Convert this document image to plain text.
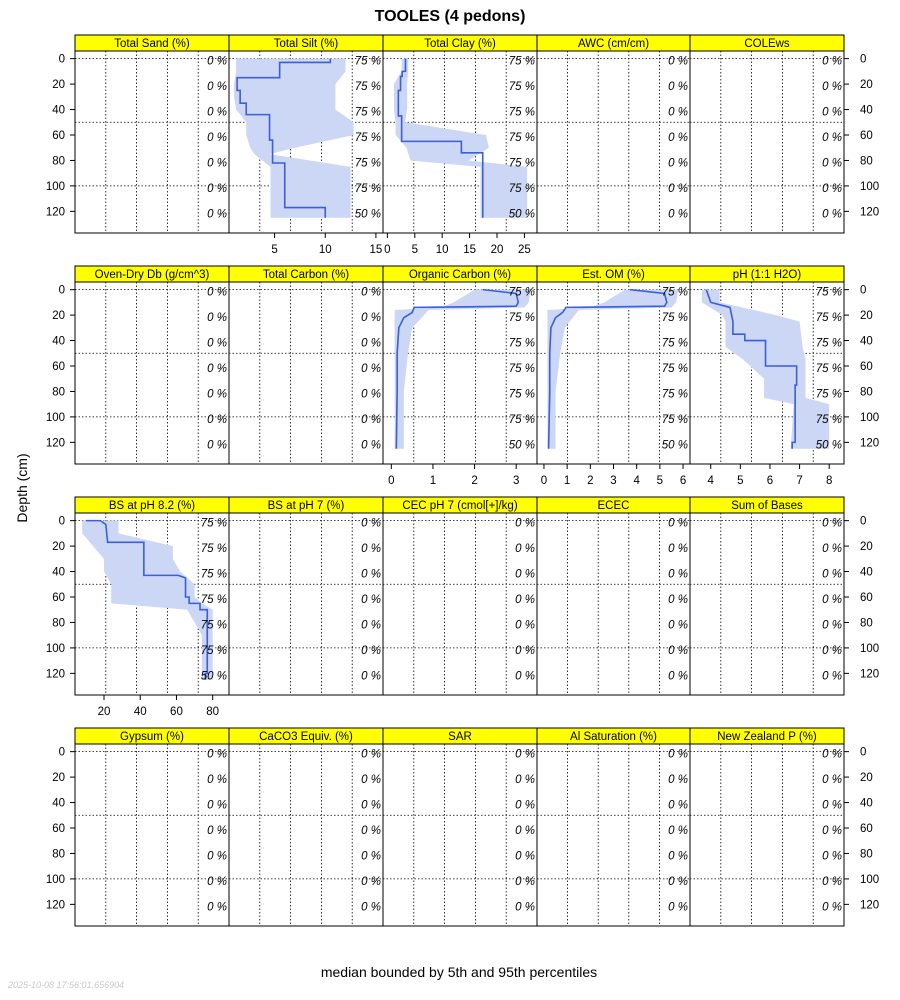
TOOLES (4 pedons)
Depth (cm)
median bounded by 5th and 95th percentiles
2025-10-08 17:56:01.656904
Total Sand (%)
0 %
0 %
0 %
0 %
0 %
0 %
0 %
0
20
40
60
80
100
120
Total Silt (%)
5	10	15
75 %
75 %
75 %
75 %
75 %
75 %
50 %
Total Clay (%)
0 5 10 15 20 25
75 %
75 %
75 %
75 %
75 %
75 %
50 %
AWC (cm/cm)
0 %
0 %
0 %
0 %
0 %
0 %
0 %
COLEws
0 %
0 %
0 %
0 %
0 %
0 %
0 %
0
20
40
60
80
100
120
Oven-Dry Db (g/cm^3)
0 %
0 %
0 %
0 %
0 %
0 %
0 %
0
20
40
60
80
100
120
Total Carbon (%)
0 %
0 %
0 %
0 %
0 %
0 %
0 %
Organic Carbon (%)
0	1	2	3
75 %
75 %
75 %
75 %
75 %
75 %
50 %
Est. OM (%)
0 1 2 3 4 5 6
75 %
75 %
75 %
75 %
75 %
75 %
50 %
pH (1:1 H2O)
4 5 6 7 8
75 %
75 %
75 %
75 %
75 %
75 %
50 %
0
20
40
60
80
100
120
BS at pH 8.2 (%)
20 40 60 80
75 %
75 %
75 %
75 %
75 %
75 %
50 %
0
20
40
60
80
100
120
BS at pH 7 (%)
0 %
0 %
0 %
0 %
0 %
0 %
0 %
CEC pH 7 (cmol[+]/kg)
0 %
0 %
0 %
0 %
0 %
0 %
0 %
ECEC
0 %
0 %
0 %
0 %
0 %
0 %
0 %
Sum of Bases
0 %
0 %
0 %
0 %
0 %
0 %
0 %
0
20
40
60
80
100
120
Gypsum (%)
0 %
0 %
0 %
0 %
0 %
0 %
0 %
0
20
40
60
80
100
120
CaCO3 Equiv. (%)
0 %
0 %
0 %
0 %
0 %
0 %
0 %
SAR
0 %
0 %
0 %
0 %
0 %
0 %
0 %
Al Saturation (%)
0 %
0 %
0 %
0 %
0 %
0 %
0 %
New Zealand P (%)
0 %
0 %
0 %
0 %
0 %
0 %
0 %
0
20
40
60
80
100
120
